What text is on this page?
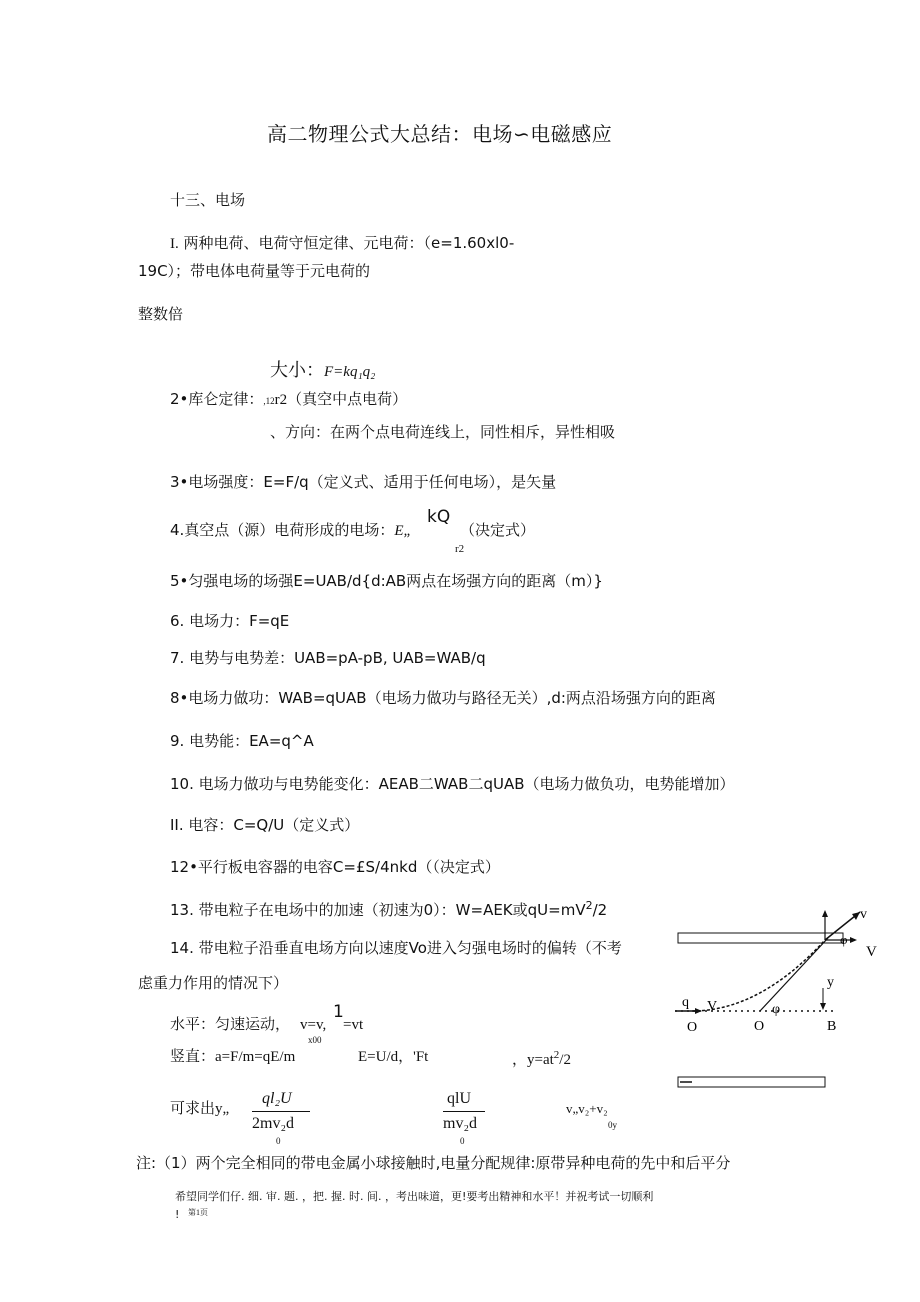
高二物理公式大总结：电场∽电磁感应
十三、电场
I. 两种电荷、电荷守恒定律、元电荷：（e=1.60xl0-
19C）；带电体电荷量等于元电荷的
整数倍
大小：F=kq₁q₂
2•库仑定律：,12r2（真空中点电荷）
、方向：在两个点电荷连线上，同性相斥，异性相吸
3•电场强度：E=F/q（定义式、适用于任何电场），是矢量
4.真空点（源）电荷形成的电场：E„
kQ
（决定式）
r2
5•匀强电场的场强E=UAB/d{d:AB两点在场强方向的距离（m）}
6. 电场力：F=qE
7. 电势与电势差：UAB=pA-pB, UAB=WAB/q
8•电场力做功：WAB=qUAB（电场力做功与路径无关）,d:两点沿场强方向的距离
9. 电势能：EA=q^A
10. 电场力做功与电势能变化：AEAB二WAB二qUAB（电场力做负功，电势能增加）
II. 电容：C=Q/U（定义式）
12•平行板电容器的电容C=£S/4nkd（（决定式）
13. 带电粒子在电场中的加速（初速为0）：W=AEK或$qU=mV^2/2$
14. 带电粒子沿垂直电场方向以速度Vo进入匀强电场时的偏转（不考
虑重力作用的情况下）
水平：匀速运动， v=v,
1
=vt
x00
竖直：a=F/m=qE/m	E=U/d，'Ft	，$y=at^2/2$
可求出y„
ql₂U
2mv₂d
0
qlU
mv₂d
0
v„v₂+v₂
0y
注:（1）两个完全相同的带电金属小球接触时,电量分配规律:原带异种电荷的先中和后平分
希望同学们仔. 细. 审. 题. ，把. 握. 时. 间. ，考出味道，更!要考出精神和水平！并祝考试一切顺利
! 第1页
v
V
φ
y
q V
O	O
φ
B
